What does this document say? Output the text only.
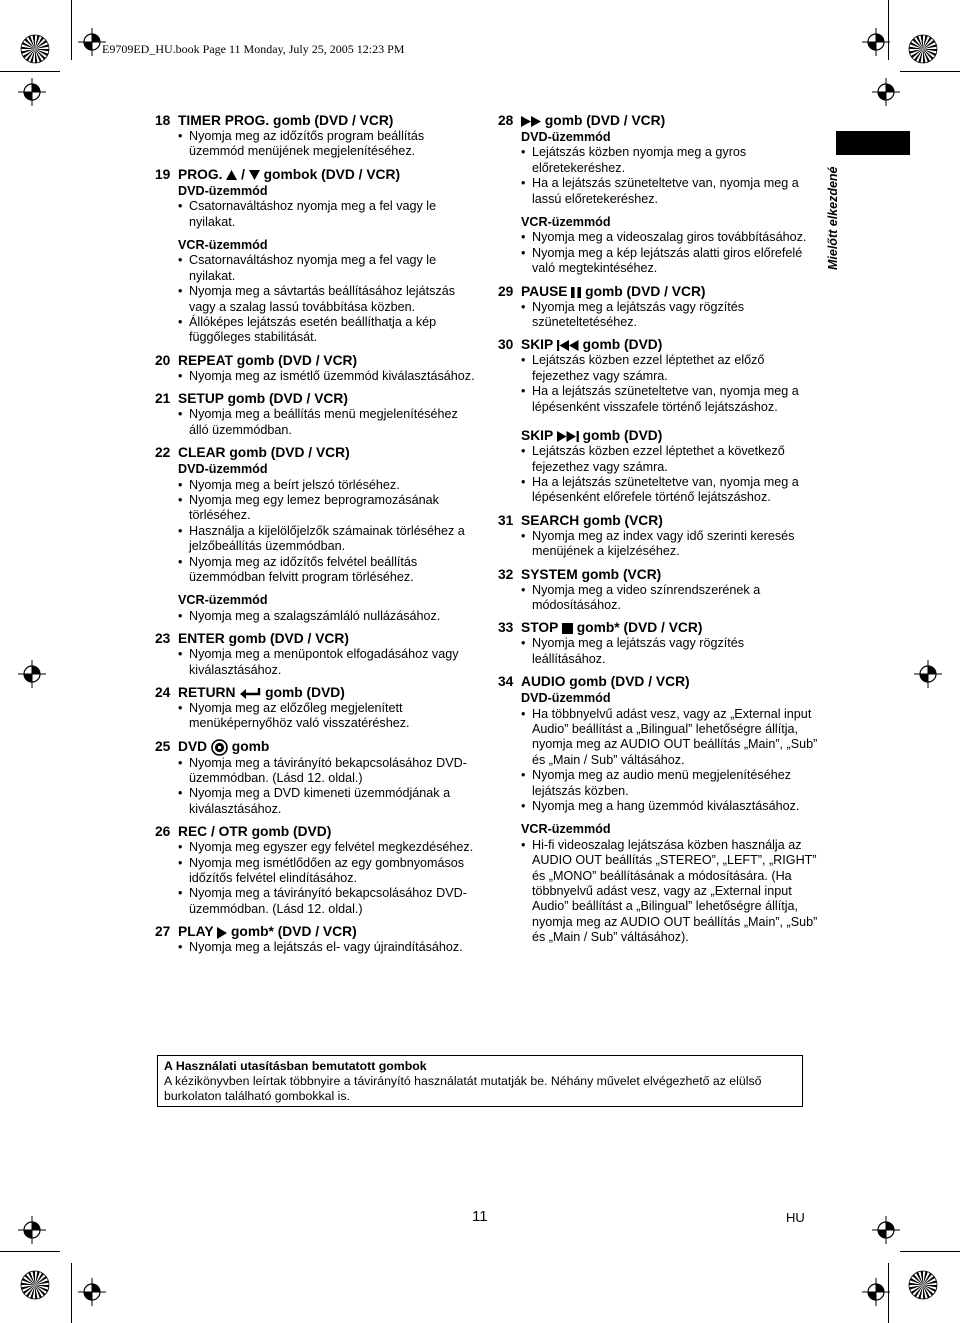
E9709ED_HU.book Page 11 Monday, July 25, 2005 12:23 PM
Mielőtt elkezdené
18 TIMER PROG. gomb (DVD / VCR)
• Nyomja meg az időzítős program beállítás üzemmód menüjének megjelenítéséhez.
19 PROG.  /  gombok (DVD / VCR)
DVD-üzemmód
• Csatornaváltáshoz nyomja meg a fel vagy le nyilakat.
VCR-üzemmód
• Csatornaváltáshoz nyomja meg a fel vagy le nyilakat.
• Nyomja meg a sávtartás beállításához lejátszás vagy a szalag lassú továbbítása közben.
• Állóképes lejátszás esetén beállíthatja a kép függőleges stabilitását.
20 REPEAT gomb (DVD / VCR)
• Nyomja meg az ismétlő üzemmód kiválasztásához.
21 SETUP gomb (DVD / VCR)
• Nyomja meg a beállítás menü megjelenítéséhez álló üzemmódban.
22 CLEAR gomb (DVD / VCR)
DVD-üzemmód
• Nyomja meg a beírt jelszó törléséhez.
• Nyomja meg egy lemez beprogramozásának törléséhez.
• Használja a kijelölőjelzők számainak törléséhez a jelzőbeállítás üzemmódban.
• Nyomja meg az időzítős felvétel beállítás üzemmódban felvitt program törléséhez.
VCR-üzemmód
• Nyomja meg a szalagszámláló nullázásához.
23 ENTER gomb (DVD / VCR)
• Nyomja meg a menüpontok elfogadásához vagy kiválasztásához.
24 RETURN  gomb (DVD)
• Nyomja meg az előzőleg megjelenített menüképernyőhöz való visszatéréshez.
25 DVD  gomb
• Nyomja meg a távirányító bekapcsolásához DVD-üzemmódban. (Lásd 12. oldal.)
• Nyomja meg a DVD kimeneti üzemmódjának a kiválasztásához.
26 REC / OTR gomb (DVD)
• Nyomja meg egyszer egy felvétel megkezdéséhez.
• Nyomja meg ismétlődően az egy gombnyomásos időzítős felvétel elindításához.
• Nyomja meg a távirányító bekapcsolásához DVD-üzemmódban. (Lásd 12. oldal.)
27 PLAY  gomb* (DVD / VCR)
• Nyomja meg a lejátszás el- vagy újraindításához.
28	gomb (DVD / VCR)
DVD-üzemmód
• Lejátszás közben nyomja meg a gyros előretekeréshez.
• Ha a lejátszás szüneteltetve van, nyomja meg a lassú előretekeréshez.
VCR-üzemmód
• Nyomja meg a videoszalag giros továbbításához.
• Nyomja meg a kép lejátszás alatti giros előrefelé való megtekintéséhez.
29 PAUSE  gomb (DVD / VCR)
• Nyomja meg a lejátszás vagy rögzítés szüneteltetéséhez.
30 SKIP  gomb (DVD)
• Lejátszás közben ezzel léptethet az előző fejezethez vagy számra.
• Ha a lejátszás szüneteltetve van, nyomja meg a lépésenként visszafele történő lejátszáshoz.
SKIP  gomb (DVD)
• Lejátszás közben ezzel léptethet a következő fejezethez vagy számra.
• Ha a lejátszás szüneteltetve van, nyomja meg a lépésenként előrefele történő lejátszáshoz.
31 SEARCH gomb (VCR)
• Nyomja meg az index vagy idő szerinti keresés menüjének a kijelzéséhez.
32 SYSTEM gomb (VCR)
• Nyomja meg a video színrendszerének a módosításához.
33 STOP  gomb* (DVD / VCR)
• Nyomja meg a lejátszás vagy rögzítés leállításához.
34 AUDIO gomb (DVD / VCR)
DVD-üzemmód
• Ha többnyelvű adást vesz, vagy az „External input Audio” beállítást a „Bilingual” lehetőségre állítja, nyomja meg az AUDIO OUT beállítás „Main”, „Sub” és „Main / Sub” váltásához.
• Nyomja meg az audio menü megjelenítéséhez lejátszás közben.
• Nyomja meg a hang üzemmód kiválasztásához.
VCR-üzemmód
• Hi-fi videoszalag lejátszása közben használja az AUDIO OUT beállítás „STEREO”, „LEFT”, „RIGHT” és „MONO” beállításának a módosítására. (Ha többnyelvű adást vesz, vagy az „External input Audio” beállítást a „Bilingual” lehetőségre állítja, nyomja meg az AUDIO OUT beállítás „Main”, „Sub” és „Main / Sub” váltásához).
A Használati utasításban bemutatott gombok
A kézikönyvben leírtak többnyire a távirányító használatát mutatják be. Néhány művelet elvégezhető az elülső burkolaton található gombokkal is.
11	HU
